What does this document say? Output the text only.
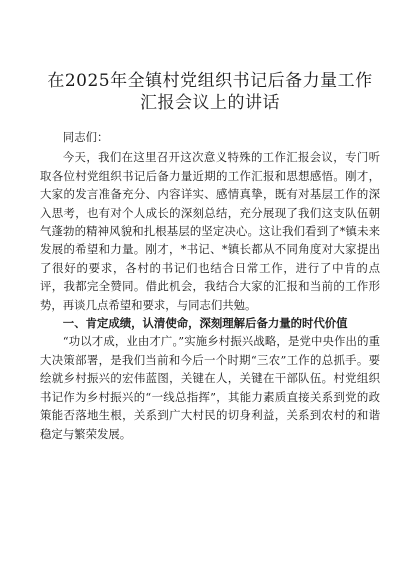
在2025年全镇村党组织书记后备力量工作汇报会议上的讲话

同志们：

今天，我们在这里召开这次意义特殊的工作汇报会议，专门听取各位村党组织书记后备力量近期的工作汇报和思想感悟。刚才，大家的发言准备充分、内容详实、感情真挚，既有对基层工作的深入思考，也有对个人成长的深刻总结，充分展现了我们这支队伍朝气蓬勃的精神风貌和扎根基层的坚定决心。这让我们看到了*镇未来发展的希望和力量。刚才，*书记、*镇长都从不同角度对大家提出了很好的要求，各村的书记们也结合日常工作，进行了中肯的点评，我都完全赞同。借此机会，我结合大家的汇报和当前的工作形势，再谈几点希望和要求，与同志们共勉。

一、肯定成绩，认清使命，深刻理解后备力量的时代价值

“功以才成，业由才广。”实施乡村振兴战略，是党中央作出的重大决策部署，是我们当前和今后一个时期“三农”工作的总抓手。要绘就乡村振兴的宏伟蓝图，关键在人，关键在干部队伍。村党组织书记作为乡村振兴的“一线总指挥”，其能力素质直接关系到党的政策能否落地生根，关系到广大村民的切身利益，关系到农村的和谐稳定与繁荣发展。
